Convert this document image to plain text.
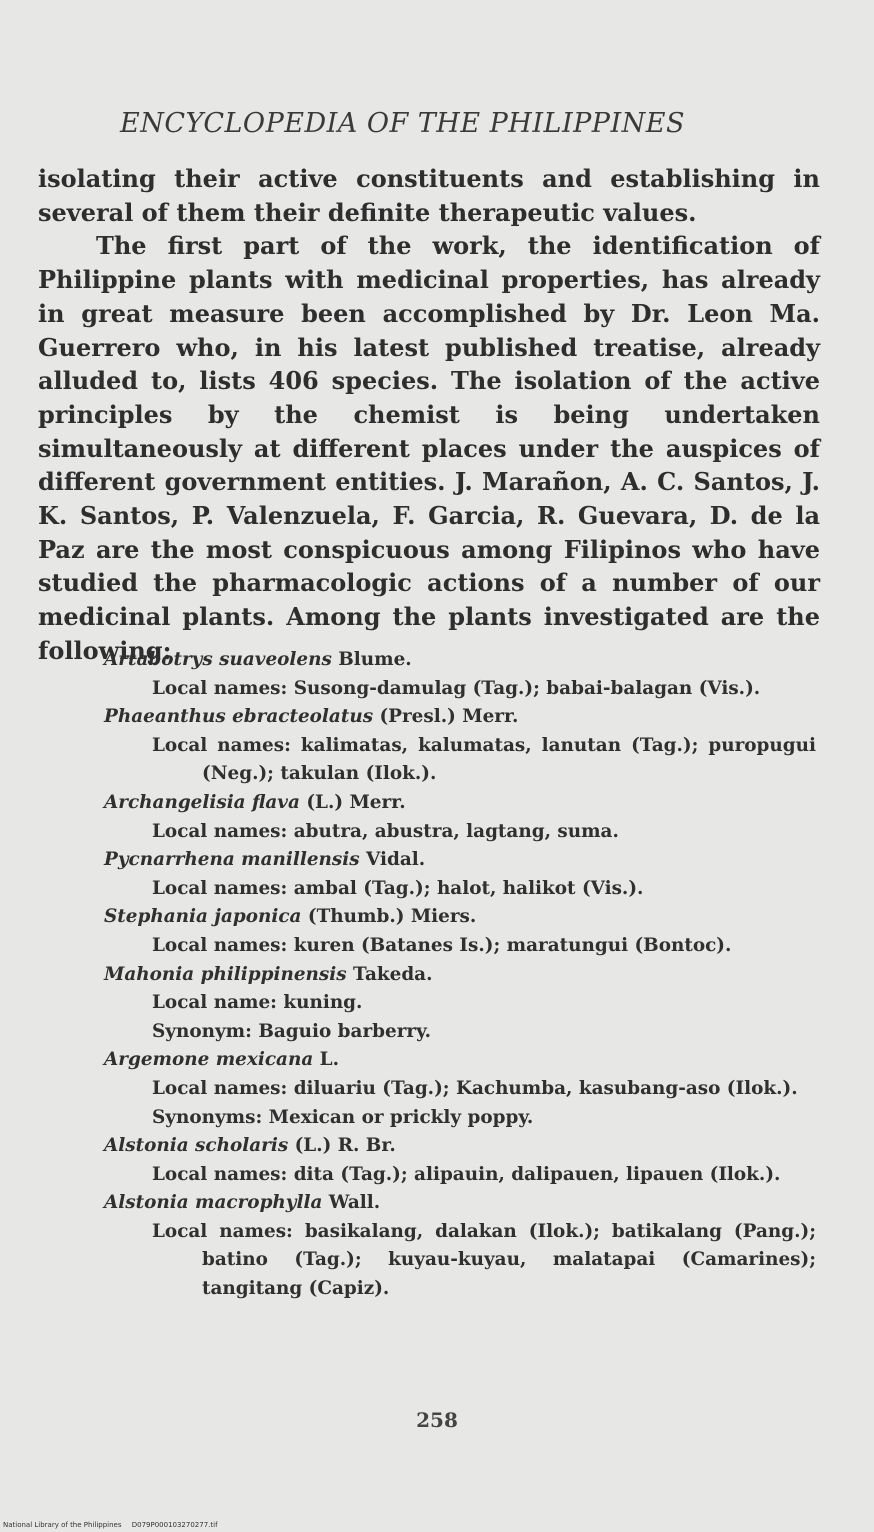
ENCYCLOPEDIA OF THE PHILIPPINES

isolating their active constituents and establishing in several of them their definite therapeutic values.

The first part of the work, the identification of Philippine plants with medicinal properties, has already in great measure been accomplished by Dr. Leon Ma. Guerrero who, in his latest published treatise, already alluded to, lists 406 species. The isolation of the active principles by the chemist is being undertaken simultaneously at different places under the auspices of different government entities. J. Marañon, A. C. Santos, J. K. Santos, P. Valenzuela, F. Garcia, R. Guevara, D. de la Paz are the most conspicuous among Filipinos who have studied the pharmacologic actions of a number of our medicinal plants. Among the plants investigated are the following:

Artabotrys suaveolens Blume.

Local names: Susong-damulag (Tag.); babai-balagan (Vis.).

Phaeanthus ebracteolatus (Presl.) Merr.

Local names: kalimatas, kalumatas, lanutan (Tag.); puropugui (Neg.); takulan (Ilok.).

Archangelisia flava (L.) Merr.

Local names: abutra, abustra, lagtang, suma.

Pycnarrhena manillensis Vidal.

Local names: ambal (Tag.); halot, halikot (Vis.).

Stephania japonica (Thumb.) Miers.

Local names: kuren (Batanes Is.); maratungui (Bontoc).

Mahonia philippinensis Takeda.

Local name: kuning.

Synonym: Baguio barberry.

Argemone mexicana L.

Local names: diluariu (Tag.); Kachumba, kasubang-aso (Ilok.).

Synonyms: Mexican or prickly poppy.

Alstonia scholaris (L.) R. Br.

Local names: dita (Tag.); alipauin, dalipauen, lipauen (Ilok.).

Alstonia macrophylla Wall.

Local names: basikalang, dalakan (Ilok.); batikalang (Pang.); batino (Tag.); kuyau-kuyau, malatapai (Camarines); tangitang (Capiz).

258
National Library of the Philippines D079P000103270277.tif
